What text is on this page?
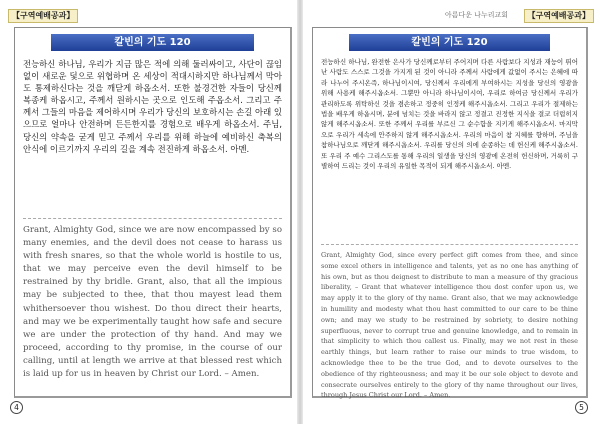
【구역예배공과】
칼빈의 기도 120
전능하신 하나님, 우리가 지금 많은 적에 의해 둘러싸이고, 사단이 끊임없이 새로운 덫으로 위협하며 온 세상이 적대시하지만 하나님께서 막아도 통제하신다는 것을 깨닫게 하옵소서. 또한 불경건한 자들이 당신께 복종케 하옵시고, 주께서 원하시는 곳으로 인도해 주옵소서. 그리고 주께서 그들의 마음을 제어하시며 우리가 당신의 보호하시는 손길 아래 있으므로 얼마나 안전하며 든든한지를 경험으로 배우게 하옵소서. 주님, 당신의 약속을 굳게 믿고 주께서 우리를 위해 하늘에 예비하신 축복의 안식에 이르기까지 우리의 길을 계속 전진하게 하옵소서. 아멘.
Grant, Almighty God, since we are now encompassed by so many enemies, and the devil does not cease to harass us with fresh snares, so that the whole world is hostile to us, that we may perceive even the devil himself to be restrained by thy bridle. Grant, also, that all the impious may be subjected to thee, that thou mayest lead them whithersoever thou wishest. Do thou direct their hearts, and may we be experimentally taught how safe and secure we are under the protection of thy hand. And may we proceed, according to thy promise, in the course of our calling, until at length we arrive at that blessed rest which is laid up for us in heaven by Christ our Lord. – Amen.
4
아름다운 나누리교회	【구역예배공과】
칼빈의 기도 120
전능하신 하나님, 완전한 은사가 당신께로부터 주어지며 다른 사람보다 지성과 재능이 뛰어난 사람도 스스로 그것을 가지게 된 것이 아니라 주께서 사람에게 값없이 주시는 은혜에 따라 나누어 주시온즉, 하나님이시여, 당신께서 우리에게 부여하시는 지성을 당신의 영광을 위해 사용케 해주시옵소서. 그뿐만 아니라 하나님이시여, 우리로 하여금 당신께서 우리가 관리하도록 위탁하신 것을 겸손하고 정중히 인정케 해주시옵소서. 그리고 우리가 절제하는 법을 배우게 하옵시며, 분에 넘치는 것을 바라지 않고 정결고 진정한 지식을 결코 더럽히지 않게 해주시옵소서. 또한 주께서 우리를 부르신 그 순수함을 지키게 해주시옵소서. 마지막으로 우리가 세속에 안주하지 않게 해주시옵소서. 우리의 마음이 참 지혜를 향하며, 주님을 참하나님으로 깨닫게 해주시옵소서. 우리를 당신의 의에 순종하는 데 헌신케 해주시옵소서. 또 우리 주 예수 그리스도를 통해 우리의 일생을 당신의 영광에 온전히 헌신하며, 거룩히 구별하여 드리는 것이 우리의 유일한 목적이 되게 해주시옵소서. 아멘.
Grant, Almighty God, since every perfect gift comes from thee, and since some excel others in intelligence and talents, yet as no one has anything of his own, but as thou deignest to distribute to man a measure of thy gracious liberality, – Grant that whatever intelligence thou dost confer upon us, we may apply it to the glory of thy name. Grant also, that we may acknowledge in humility and modesty what thou hast committed to our care to be thine own; and may we study to be restrained by sobriety, to desire nothing superfluous, never to corrupt true and genuine knowledge, and to remain in that simplicity to which thou callest us. Finally, may we not rest in these earthly things, but learn rather to raise our minds to true wisdom, to acknowledge thee to be the true God, and to devote ourselves to the obedience of thy righteousness; and may it be our sole object to devote and consecrate ourselves entirely to the glory of thy name throughout our lives, through Jesus Christ our Lord. – Amen.
5
